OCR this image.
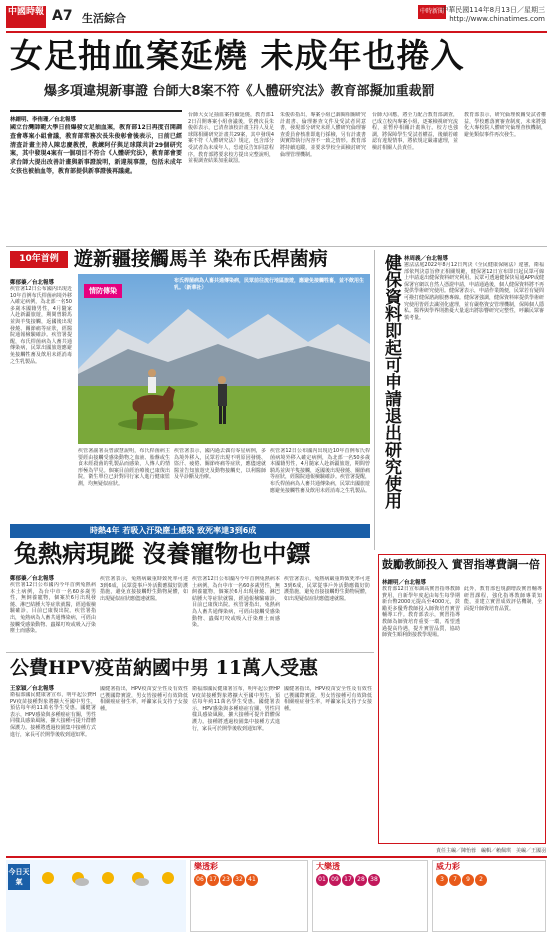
中國時報 A7 生活綜合
中時新聞網
中華民國114年8月13日／星期三
http://www.chinatimes.com
女足抽血案延燒 未成年也捲入
爆多項違規新事證 台師大8案不符《人體研究法》教育部擬加重裁罰
林縉明、李侑珊／台北報導
國立台灣師範大學日前爆發女足抽血案，教育部12日再度召開調查會專案小組會議，教育部常務次長朱俊彰會後表示，日前已經清查計畫主持人陳忠慶教授，教練阿仔與足球隊共計29個研究案，其中發現4案有一個項目不符合《人體研究法》，教育部會要求台師大提出改善計畫與新事證說明，新違規事證，包括未成年女孩也被抽血等，教育部提供新事證後再議處。
台師大女足抽血案持續延燒，教育部12日召開專案小組會議後，常務次長朱俊彰表示，已清查該校計畫主持人及足球隊相關研究計畫共29案，其中發現4案不符《人體研究法》規定，包含部分受試者為未成年人，恐違反告知同意程序。教育部將要求校方提出完整說明，並視調查結果加重裁罰。
朱俊彰指出，專案小組已調閱相關研究計畫書、倫理審查文件及受試者同意書，發現部分研究未經人體研究倫理審查委員會核准即進行採檢，另有計畫書與實際執行內容不一致之情形。教育部將持續追蹤，並要求學校全面檢討研究倫理管理機制。
台師大回應，將全力配合教育部調查，已成立校內專案小組，逐案檢視研究流程，並暫停相關計畫執行。校方也強調，將保障學生受試者權益，後續若確認有違規情事，將依規定嚴肅處理，並檢討相關人員責任。
教育部表示，研究倫理攸關受試者權益，學校應落實審查制度，未來將強化大專校院人體研究倫理查核機制，避免類似事件再次發生。
10年首例 遊新疆接觸馬羊 染布氏桿菌病
鄭郁蓁／台北報導
疾管署12日公布國內出現近10年首例布氏桿菌病境外移入確定病例，為北部一名50多歲本國籍男性，4月隨家人赴新疆旅遊，期間曾騎馬並與羊隻接觸，返國後出現發燒、關節痛等症狀，經醫院通報檢驗確診。疾管署提醒，布氏桿菌病為人畜共通傳染病，民眾出國旅遊應避免接觸牲畜及飲用未經消毒之生乳製品。
情防傳染
布氏桿菌病為人畜共通傳染病，民眾前往流行地區旅遊，應避免接觸牲畜，並不飲用生乳。（新華社）
疾管署副署長曾淑慧說明，布氏桿菌病主要經由接觸受感染動物之血液、胎盤或生食未經殺菌的乳製品而感染，人傳人的情形極為罕見。個案目前經治療後已康復出院，衛生單位已針對同行家人進行健康監測，均無疑似症狀。
疾管署表示，國內過去偶有零星病例，多為境外移入，民眾若出現不明原因發燒、盜汗、疲倦、關節疼痛等症狀，應儘速就醫並告知旅遊史及動物接觸史，以利醫師及早診斷及治療。
疾管署12日公布國內出現近10年首例布氏桿菌病境外移入確定病例，為北部一名50多歲本國籍男性，4月隨家人赴新疆旅遊，期間曾騎馬並與羊隻接觸，返國後出現發燒、關節痛等症狀，經醫院通報檢驗確診。疾管署提醒，布氏桿菌病為人畜共通傳染病，民眾出國旅遊應避免接觸牲畜及飲用未經消毒之生乳製品。 健保資料即起可申請退出研究使用 林周義／台北報導
憲法法庭2022年8月12日判決《全民健康保險法》違憲，衛福部依判決意旨修正相關規範，健保署12日宣布即日起民眾可線上申請退出健保資料研究利用。民眾可透過健保快易通APP或健保署官網以自然人憑證申請，申請通過後，個人健保資料將不再提供學術研究使用。健保署表示，申請作業簡便，民眾若有疑問可撥打健保諮詢服務專線。健保署強調，健保資料庫提供學術研究使用皆經去識別化處理，並有嚴格資安管理機制，保障個人隱私。醫界與學界則擔憂大量退出將影響研究完整性，呼籲民眾審慎考量。
時熱4年 若吸入汙染塵土感染 致死率達3到6成
兔熱病現蹤 沒養寵物也中鏢
鄭郁蓁／台北報導
疾管署12日公布國內今年首例兔熱病本土病例，為台中市一名60多歲男性，無飼養寵物，個案於6月出現發燒、淋巴結腫大等症狀就醫，經通報檢驗確診，目前已康復出院。疾管署指出，兔熱病為人畜共通傳染病，可經由接觸受感染動物、蟲媒叮咬或吸入汙染塵土而感染。
疾管署表示，兔熱病嚴重時致死率可達3到6成，民眾從事戶外活動應做好防護措施，避免直接接觸野生動物屍體，如出現疑似症狀應儘速就醫。
疾管署12日公布國內今年首例兔熱病本土病例，為台中市一名60多歲男性，無飼養寵物，個案於6月出現發燒、淋巴結腫大等症狀就醫，經通報檢驗確診，目前已康復出院。疾管署指出，兔熱病為人畜共通傳染病，可經由接觸受感染動物、蟲媒叮咬或吸入汙染塵土而感染。
疾管署表示，兔熱病嚴重時致死率可達3到6成，民眾從事戶外活動應做好防護措施，避免直接接觸野生動物屍體，如出現疑似症狀應儘速就醫。
鼓勵教師投入 實習指導費調一倍
林縉明／台北報導
教育部12日宣布調高實習指導教師費用，自新學年度起由每生每學期新台幣2000元提高至4000元，鼓勵更多優秀教師投入師資培育實習輔導工作。教育部表示，實習指導教師為師資培育重要一環，希望透過提高待遇，提升實習品質，協助師資生順利銜接教學現場。
此外，教育部也規劃增設實習輔導研習課程，強化指導教師專業知能，並建立實習成效評估機制，全面提升師資培育品質。
公費HPV疫苗納國中男 11萬人受惠
王家穎／台北報導
衛福部國民健康署宣布，明年起公費HPV疫苗接種對象將擴大至國中男生，預估每年約11萬名學生受惠。國健署表示，HPV感染與多種癌症有關，男性同樣具感染風險，擴大接種可提升群體保護力。接種將透過校園集中接種方式進行，家長可於開學後收到通知單。
國健署指出，HPV疫苗安全性及有效性已獲國際實證，男女皆接種可有效降低相關癌症發生率，呼籲家長支持子女接種。
衛福部國民健康署宣布，明年起公費HPV疫苗接種對象將擴大至國中男生，預估每年約11萬名學生受惠。國健署表示，HPV感染與多種癌症有關，男性同樣具感染風險，擴大接種可提升群體保護力。接種將透過校園集中接種方式進行，家長可於開學後收到通知單。
國健署指出，HPV疫苗安全性及有效性已獲國際實證，男女皆接種可有效降低相關癌症發生率，呼籲家長支持子女接種。
責任主編／陳怡蓉　編輯／賴佩琪　美編／王國羽
今日天氣
樂透彩
06 17 23 32 41
大樂透
01 09 17 28 38
威力彩
3 7 9 2
